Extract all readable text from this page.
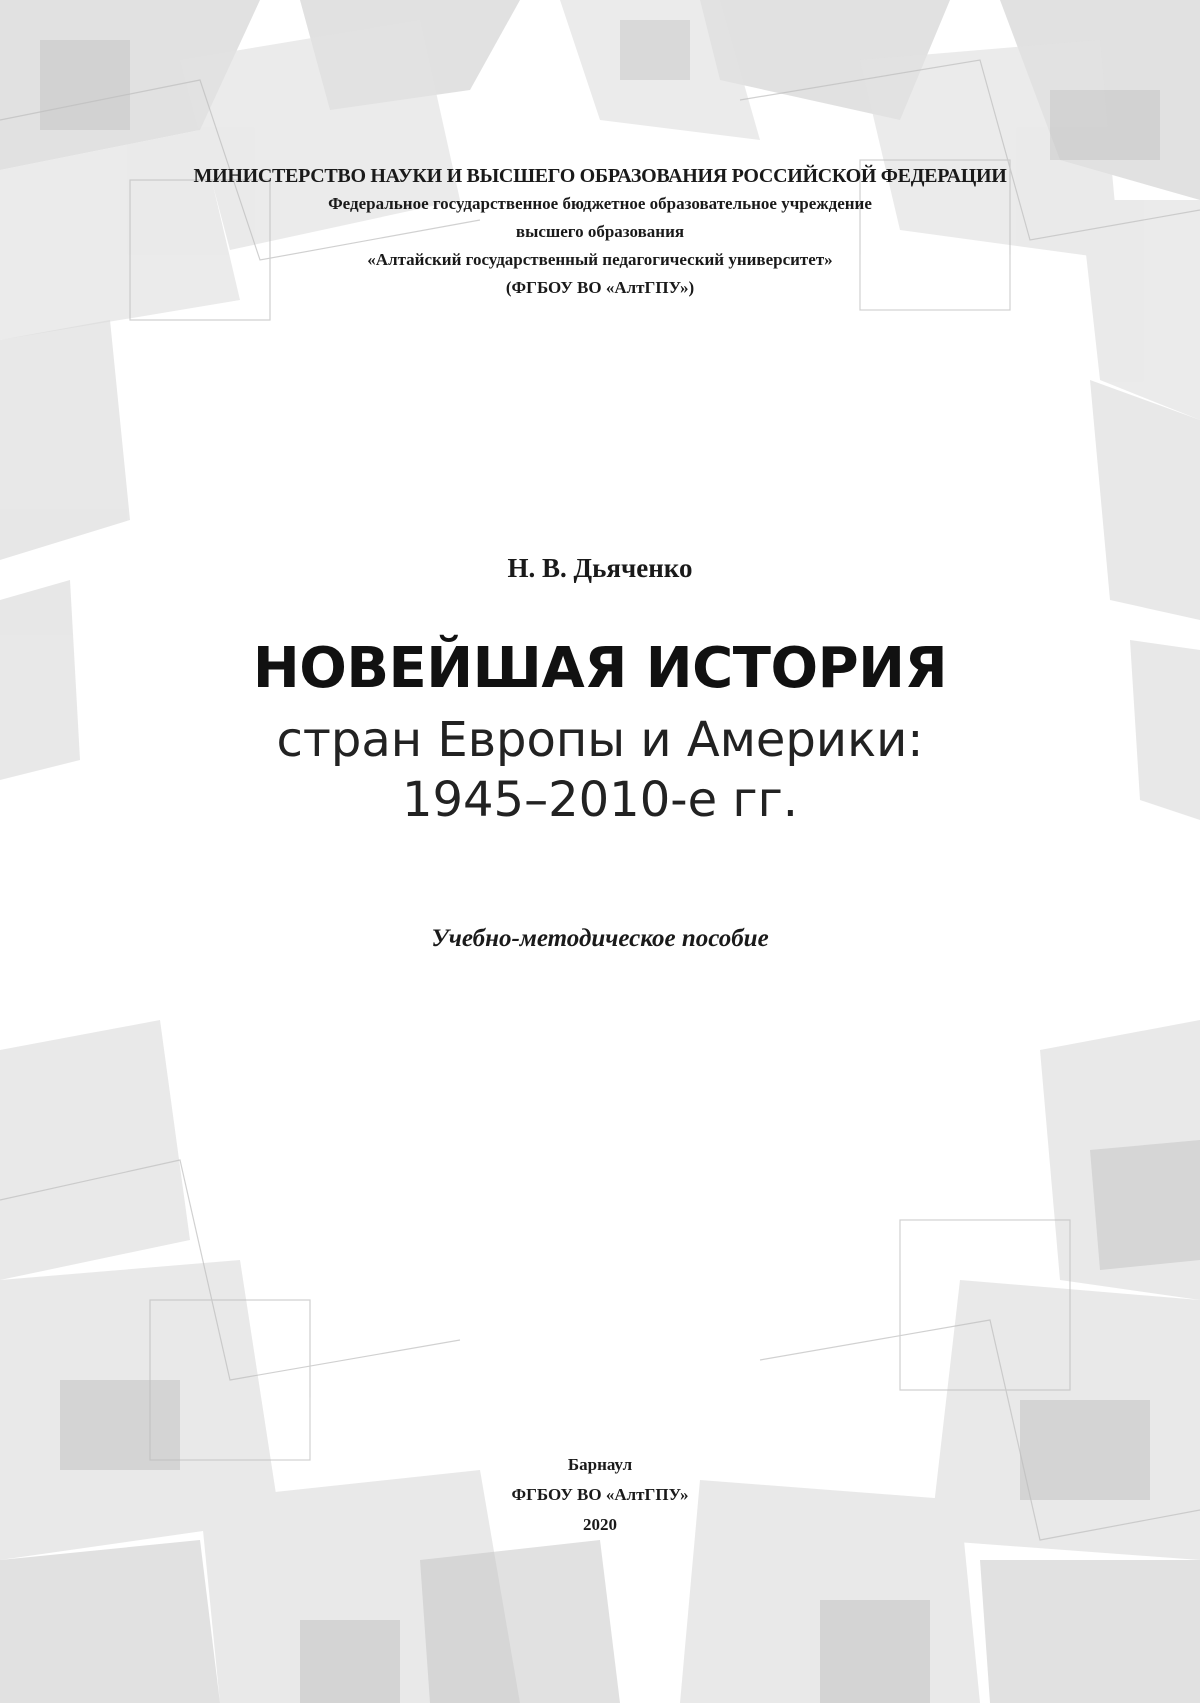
МИНИСТЕРСТВО НАУКИ И ВЫСШЕГО ОБРАЗОВАНИЯ РОССИЙСКОЙ ФЕДЕРАЦИИ
Федеральное государственное бюджетное образовательное учреждение
высшего образования
«Алтайский государственный педагогический университет»
(ФГБОУ ВО «АлтГПУ»)
Н. В. Дьяченко
НОВЕЙШАЯ ИСТОРИЯ
стран Европы и Америки:
1945–2010-е гг.
Учебно-методическое пособие
Барнаул
ФГБОУ ВО «АлтГПУ»
2020
